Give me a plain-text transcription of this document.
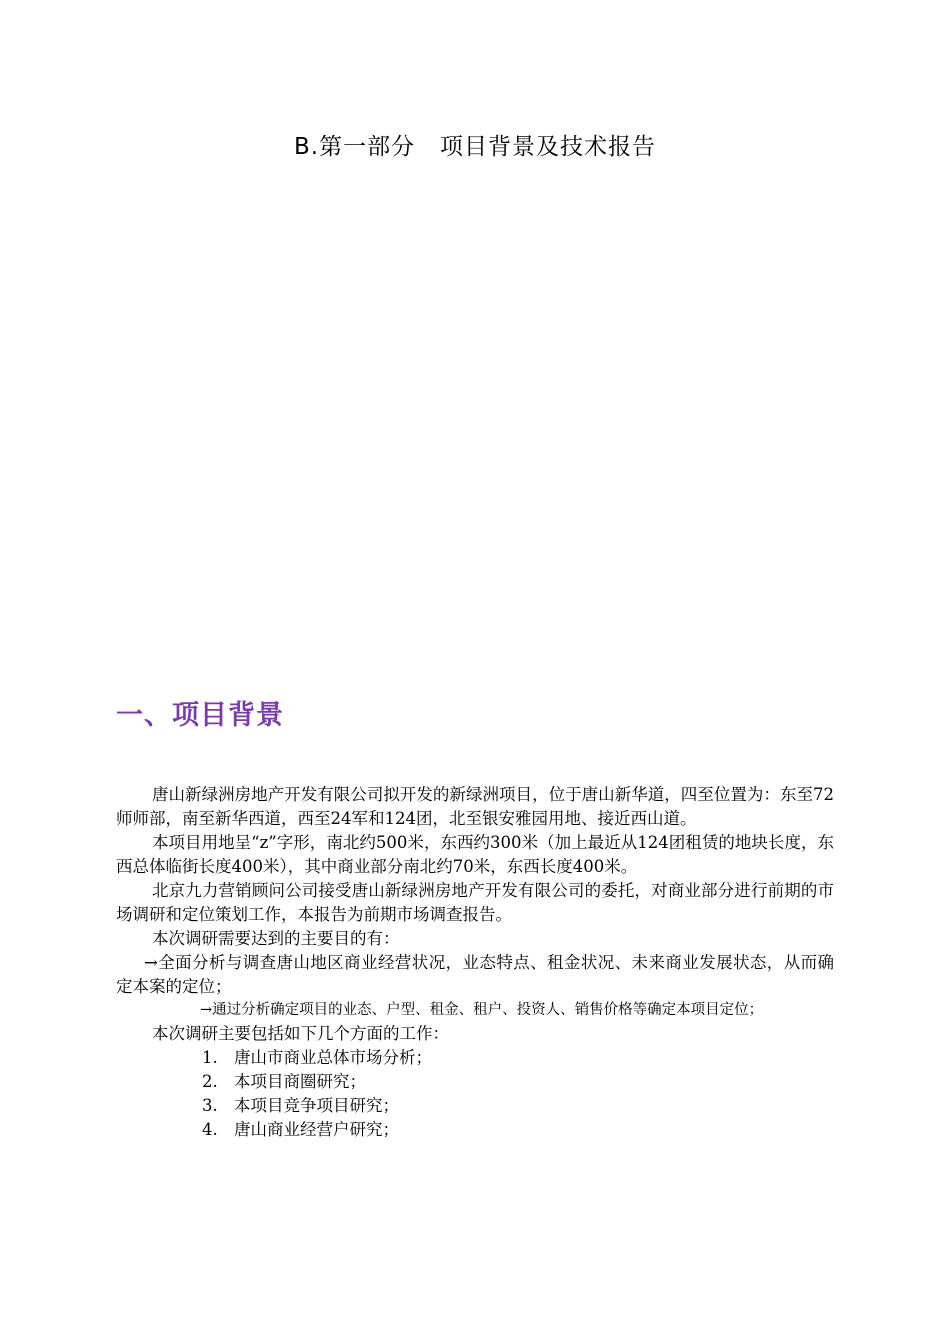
B.第一部分   项目背景及技术报告
一、项目背景

唐山新绿洲房地产开发有限公司拟开发的新绿洲项目，位于唐山新华道，四至位置为：东至72师师部，南至新华西道，西至24军和124团，北至银安雅园用地、接近西山道。

本项目用地呈“z”字形，南北约500米，东西约300米（加上最近从124团租赁的地块长度，东西总体临街长度400米），其中商业部分南北约70米，东西长度400米。

北京九力营销顾问公司接受唐山新绿洲房地产开发有限公司的委托，对商业部分进行前期的市场调研和定位策划工作，本报告为前期市场调查报告。

本次调研需要达到的主要目的有：

→全面分析与调查唐山地区商业经营状况，业态特点、租金状况、未来商业发展状态，从而确定本案的定位；

→通过分析确定项目的业态、户型、租金、租户、投资人、销售价格等确定本项目定位；

本次调研主要包括如下几个方面的工作：

1. 唐山市商业总体市场分析；
2. 本项目商圈研究；
3. 本项目竞争项目研究；
4. 唐山商业经营户研究；
